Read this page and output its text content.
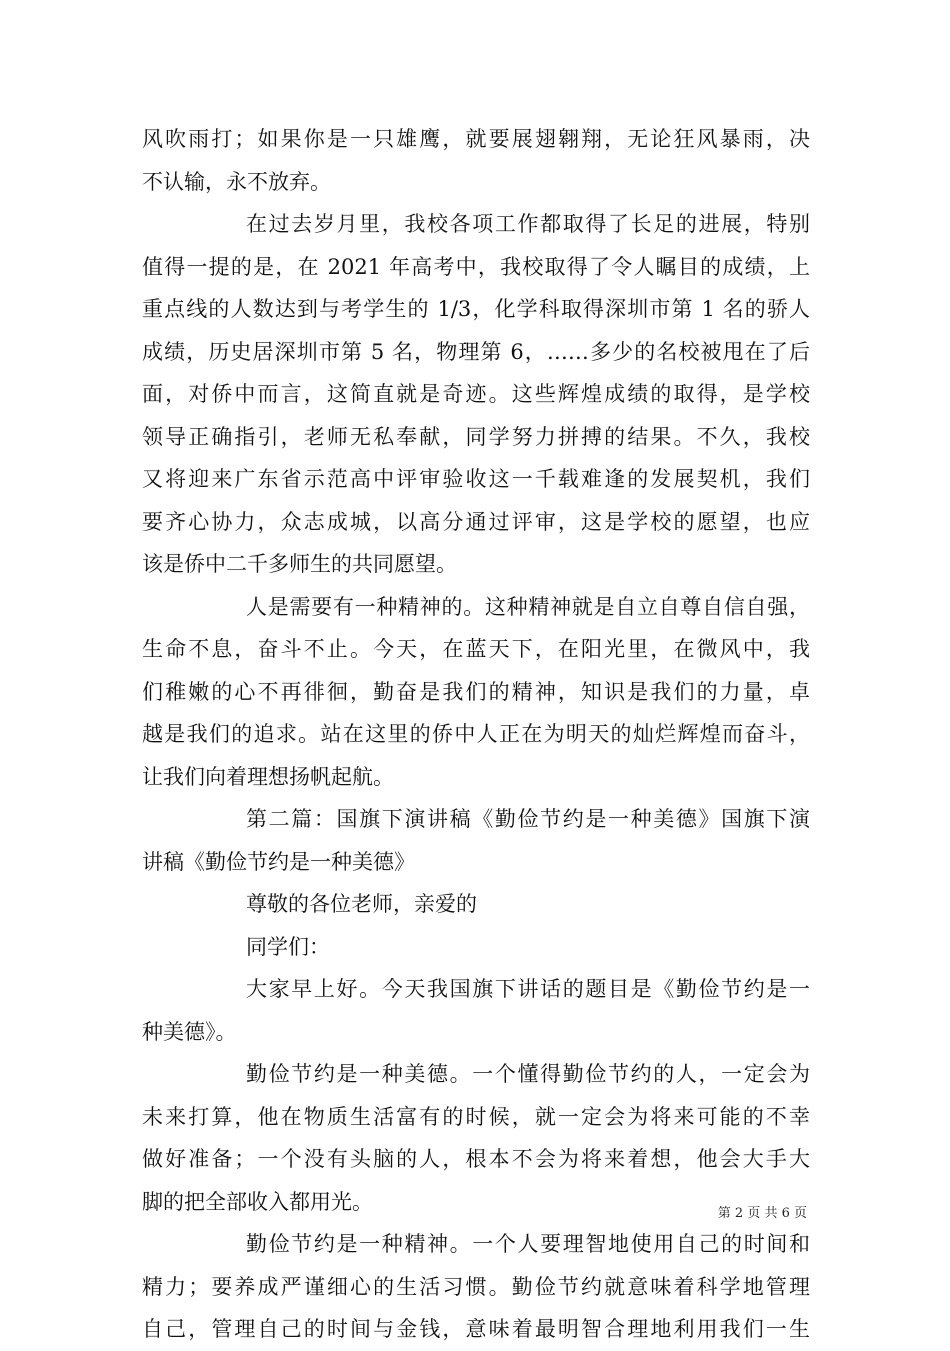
风吹雨打；如果你是一只雄鹰，就要展翅翱翔，无论狂风暴雨，决
不认输，永不放弃。
在过去岁月里，我校各项工作都取得了长足的进展，特别
值得一提的是，在 2021 年高考中，我校取得了令人瞩目的成绩，上
重点线的人数达到与考学生的 1/3，化学科取得深圳市第 1 名的骄人
成绩，历史居深圳市第 5 名，物理第 6，……多少的名校被甩在了后
面，对侨中而言，这简直就是奇迹。这些辉煌成绩的取得，是学校
领导正确指引，老师无私奉献，同学努力拼搏的结果。不久，我校
又将迎来广东省示范高中评审验收这一千载难逢的发展契机，我们
要齐心协力，众志成城，以高分通过评审，这是学校的愿望，也应
该是侨中二千多师生的共同愿望。
人是需要有一种精神的。这种精神就是自立自尊自信自强，
生命不息，奋斗不止。今天，在蓝天下，在阳光里，在微风中，我
们稚嫩的心不再徘徊，勤奋是我们的精神，知识是我们的力量，卓
越是我们的追求。站在这里的侨中人正在为明天的灿烂辉煌而奋斗，
让我们向着理想扬帆起航。
第二篇：国旗下演讲稿《勤俭节约是一种美德》国旗下演
讲稿《勤俭节约是一种美德》
尊敬的各位老师，亲爱的
同学们：
大家早上好。今天我国旗下讲话的题目是《勤俭节约是一
种美德》。
勤俭节约是一种美德。一个懂得勤俭节约的人，一定会为
未来打算，他在物质生活富有的时候，就一定会为将来可能的不幸
做好准备；一个没有头脑的人，根本不会为将来着想，他会大手大
脚的把全部收入都用光。
勤俭节约是一种精神。一个人要理智地使用自己的时间和
精力；要养成严谨细心的生活习惯。勤俭节约就意味着科学地管理
自己，管理自己的时间与金钱，意味着最明智合理地利用我们一生
第 2 页 共 6 页
